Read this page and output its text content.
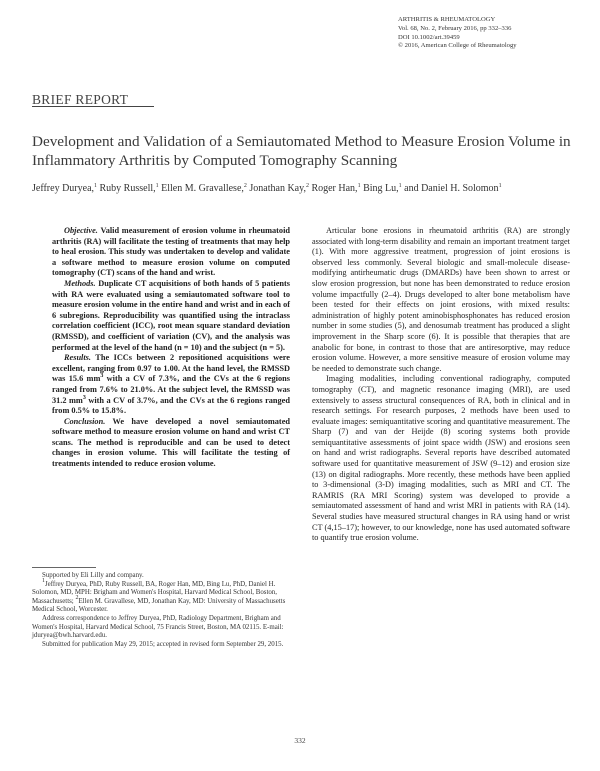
ARTHRITIS & RHEUMATOLOGY
Vol. 68, No. 2, February 2016, pp 332–336
DOI 10.1002/art.39459
© 2016, American College of Rheumatology
BRIEF REPORT
Development and Validation of a Semiautomated Method to Measure Erosion Volume in Inflammatory Arthritis by Computed Tomography Scanning
Jeffrey Duryea,$^1$ Ruby Russell,$^1$ Ellen M. Gravallese,$^2$ Jonathan Kay,$^2$ Roger Han,$^1$ Bing Lu,$^1$ and Daniel H. Solomon$^1$

Objective. Valid measurement of erosion volume in rheumatoid arthritis (RA) will facilitate the testing of treatments that may help to heal erosion. This study was undertaken to develop and validate a software method to measure erosion volume on computed tomography (CT) scans of the hand and wrist.

Methods. Duplicate CT acquisitions of both hands of 5 patients with RA were evaluated using a semiautomated software tool to measure erosion volume in the entire hand and wrist and in each of 6 subregions. Reproducibility was quantified using the intraclass correlation coefficient (ICC), root mean square standard deviation (RMSSD), and coefficient of variation (CV), and the analysis was performed at the level of the hand (n = 10) and the subject (n = 5).

Results. The ICCs between 2 repositioned acquisitions were excellent, ranging from 0.97 to 1.00. At the hand level, the RMSSD was 15.6 $mm^3$ with a CV of 7.3%, and the CVs at the 6 regions ranged from 7.6% to 21.0%. At the subject level, the RMSSD was 31.2 $mm^3$ with a CV of 3.7%, and the CVs at the 6 regions ranged from 0.5% to 15.8%.

Conclusion. We have developed a novel semiautomated software method to measure erosion volume on hand and wrist CT scans. The method is reproducible and can be used to detect changes in erosion volume. This will facilitate the testing of treatments intended to reduce erosion volume.

Supported by Eli Lilly and company.

$^1$Jeffrey Duryea, PhD, Ruby Russell, BA, Roger Han, MD, Bing Lu, PhD, Daniel H. Solomon, MD, MPH: Brigham and Women's Hospital, Harvard Medical School, Boston, Massachusetts; $^2$Ellen M. Gravallese, MD, Jonathan Kay, MD: University of Massachusetts Medical School, Worcester.

Address correspondence to Jeffrey Duryea, PhD, Radiology Department, Brigham and Women's Hospital, Harvard Medical School, 75 Francis Street, Boston, MA 02115. E-mail: jduryea@bwh.harvard.edu.

Submitted for publication May 29, 2015; accepted in revised form September 29, 2015.

Articular bone erosions in rheumatoid arthritis (RA) are strongly associated with long-term disability and remain an important treatment target (1). With more aggressive treatment, progression of joint erosions is observed less commonly. Several biologic and small-molecule disease-modifying antirheumatic drugs (DMARDs) have been shown to arrest or slow erosion progression, but none has been demonstrated to reduce erosion volume impactfully (2–4). Drugs developed to alter bone metabolism have been tested for their effects on joint erosions, with mixed results: administration of highly potent aminobisphosphonates has reduced erosion number in some studies (5), and denosumab treatment has produced a slight improvement in the Sharp score (6). It is possible that therapies that are anabolic for bone, in contrast to those that are antiresorptive, may reduce erosion volume. However, a more sensitive measure of erosion volume may be needed to demonstrate such change.

Imaging modalities, including conventional radiography, computed tomography (CT), and magnetic resonance imaging (MRI), are used extensively to assess structural consequences of RA, both in clinical and in research settings. For research purposes, 2 methods have been used to evaluate images: semiquantitative scoring and quantitative measurement. The Sharp (7) and van der Heijde (8) scoring systems both provide semiquantitative assessments of joint space width (JSW) and erosions seen on hand and wrist radiographs. Several reports have described automated software used for quantitative measurement of JSW (9–12) and erosion size (13) on digital radiographs. More recently, these methods have been applied to 3-dimensional (3-D) imaging modalities, such as MRI and CT. The RAMRIS (RA MRI Scoring) system was developed to provide a semiautomated assessment of hand and wrist MRI in patients with RA (14). Several studies have measured structural changes in RA using hand or wrist CT (4,15–17); however, to our knowledge, none has used automated software to quantify true erosion volume.

332
